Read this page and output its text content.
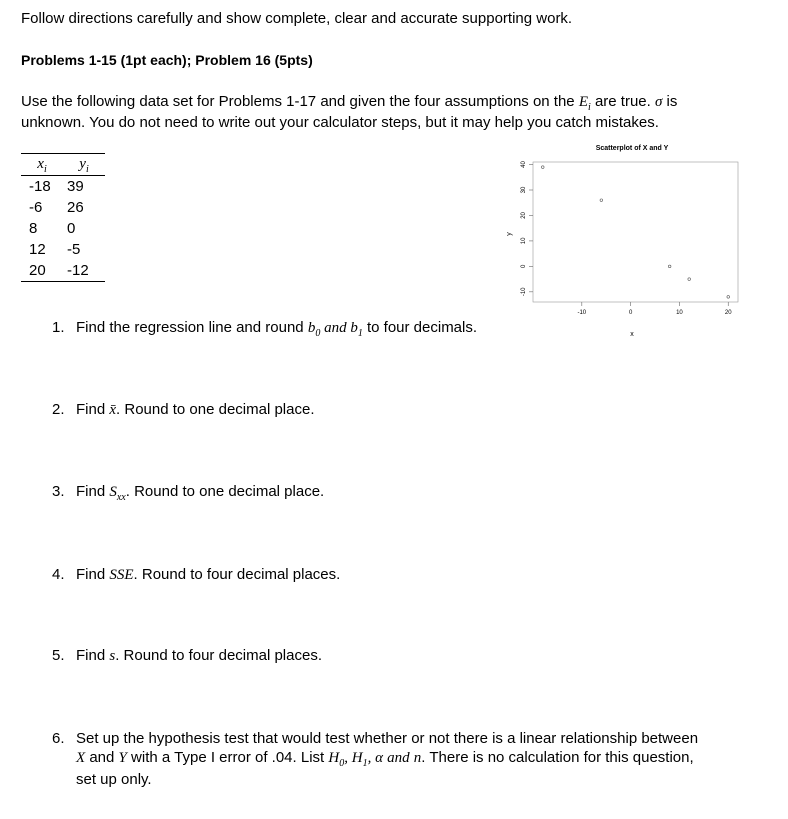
Follow directions carefully and show complete, clear and accurate supporting work.
Problems 1-15 (1pt each); Problem 16 (5pts)
Use the following data set for Problems 1-17 and given the four assumptions on the $E_i$ are true. σ is
unknown. You do not need to write out your calculator steps, but it may help you catch mistakes.
$x_i$	$y_i$
-18	39
-6	26
8	0
12	-5
20	-12
Scatterplot of X and Y
y
x
-10	0	10	20
-10
0
10
20
30
40
1. Find the regression line and round $b_0$ and $b_1$ to four decimals.
2. Find x̄. Round to one decimal place.
3. Find $S_{xx}$. Round to one decimal place.
4. Find SSE. Round to four decimal places.
5. Find s. Round to four decimal places.
6. Set up the hypothesis test that would test whether or not there is a linear relationship between
X and Y with a Type I error of .04. List $H_0$, $H_1$, α and n. There is no calculation for this question,
set up only.
